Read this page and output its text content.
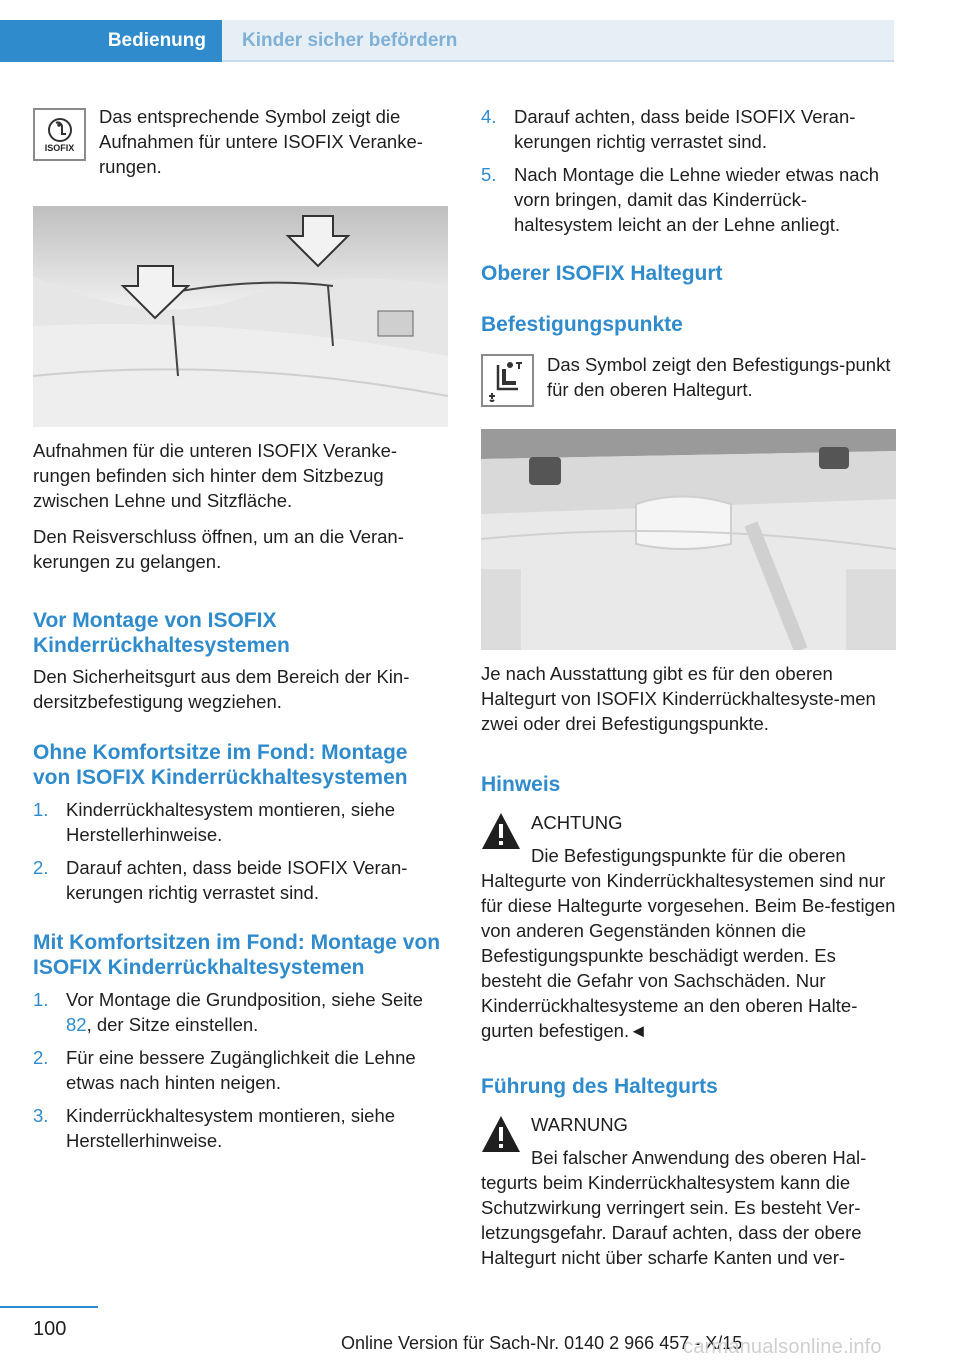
Bedienung	Kinder sicher befördern
ISOFIX

Das entsprechende Symbol zeigt die Aufnahmen für untere ISOFIX Veranke-rungen.

Aufnahmen für die unteren ISOFIX Veranke-rungen befinden sich hinter dem Sitzbezug zwischen Lehne und Sitzfläche.

Den Reisverschluss öffnen, um an die Veran-kerungen zu gelangen.

Vor Montage von ISOFIX Kinderrückhaltesystemen

Den Sicherheitsgurt aus dem Bereich der Kin-dersitzbefestigung wegziehen.

Ohne Komfortsitze im Fond: Montage von ISOFIX Kinderrückhaltesystemen
1. Kinderrückhaltesystem montieren, siehe Herstellerhinweise.
2. Darauf achten, dass beide ISOFIX Veran-kerungen richtig verrastet sind.
Mit Komfortsitzen im Fond: Montage von ISOFIX Kinderrückhaltesystemen
1. Vor Montage die Grundposition, siehe Seite 82, der Sitze einstellen.
2. Für eine bessere Zugänglichkeit die Lehne etwas nach hinten neigen.
3. Kinderrückhaltesystem montieren, siehe Herstellerhinweise.
4. Darauf achten, dass beide ISOFIX Veran-kerungen richtig verrastet sind.
5. Nach Montage die Lehne wieder etwas nach vorn bringen, damit das Kinderrück-haltesystem leicht an der Lehne anliegt.
Oberer ISOFIX Haltegurt
Befestigungspunkte

Das Symbol zeigt den Befestigungs-punkt für den oberen Haltegurt.

Je nach Ausstattung gibt es für den oberen Haltegurt von ISOFIX Kinderrückhaltesyste-men zwei oder drei Befestigungspunkte.

Hinweis

ACHTUNG

Die Befestigungspunkte für die oberen

Haltegurte von Kinderrückhaltesystemen sind nur für diese Haltegurte vorgesehen. Beim Be-festigen von anderen Gegenständen können die Befestigungspunkte beschädigt werden. Es besteht die Gefahr von Sachschäden. Nur Kinderrückhaltesysteme an den oberen Halte-gurten befestigen.◄

Führung des Haltegurts

WARNUNG

Bei falscher Anwendung des oberen Hal-

tegurts beim Kinderrückhaltesystem kann die Schutzwirkung verringert sein. Es besteht Ver-letzungsgefahr. Darauf achten, dass der obere Haltegurt nicht über scharfe Kanten und ver-

100
Online Version für Sach-Nr. 0140 2 966 457 - X/15
carmanualsonline.info
